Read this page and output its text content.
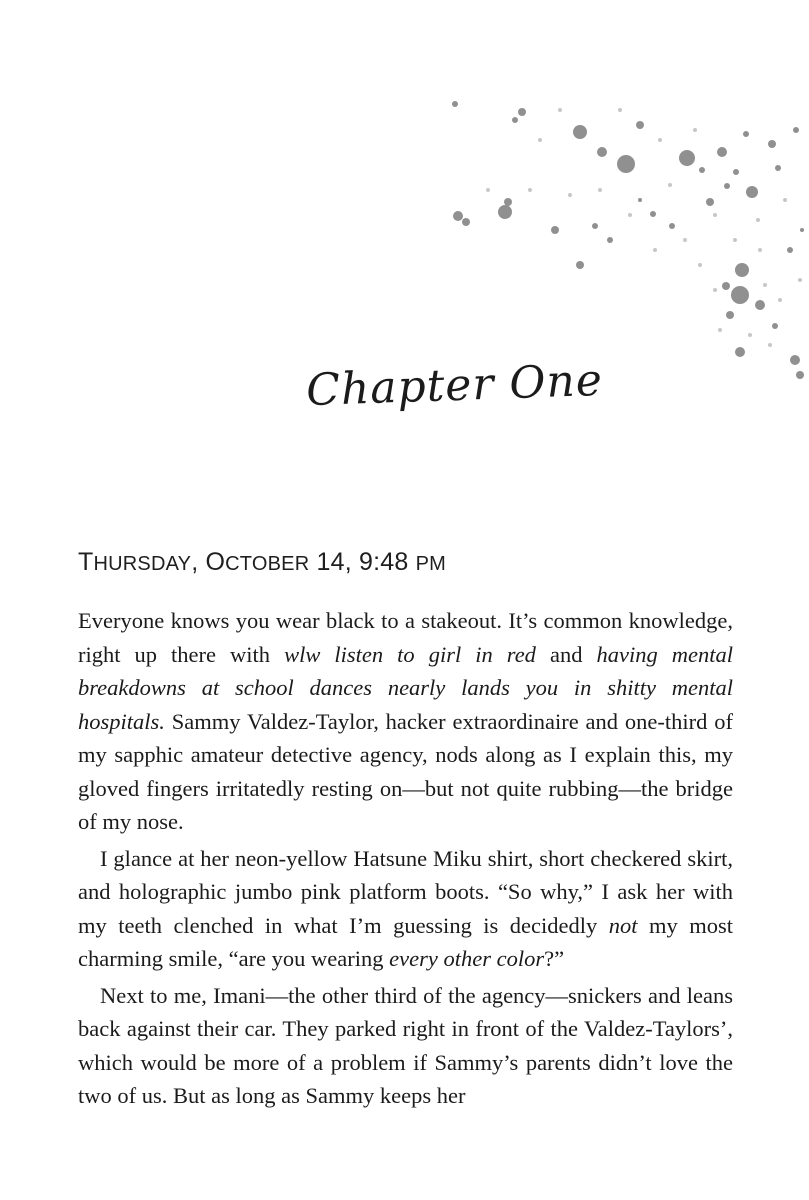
Chapter One
THURSDAY, OCTOBER 14, 9:48 PM

Everyone knows you wear black to a stakeout. It’s common knowledge, right up there with wlw listen to girl in red and having mental breakdowns at school dances nearly lands you in shitty mental hospitals. Sammy Valdez-Taylor, hacker extraordinaire and one-third of my sapphic amateur detective agency, nods along as I explain this, my gloved fingers irritatedly resting on—but not quite rubbing—the bridge of my nose.

I glance at her neon-yellow Hatsune Miku shirt, short checkered skirt, and holographic jumbo pink platform boots. “So why,” I ask her with my teeth clenched in what I’m guessing is decidedly not my most charming smile, “are you wearing every other color?”

Next to me, Imani—the other third of the agency—snickers and leans back against their car. They parked right in front of the Valdez-Taylors’, which would be more of a problem if Sammy’s parents didn’t love the two of us. But as long as Sammy keeps her
